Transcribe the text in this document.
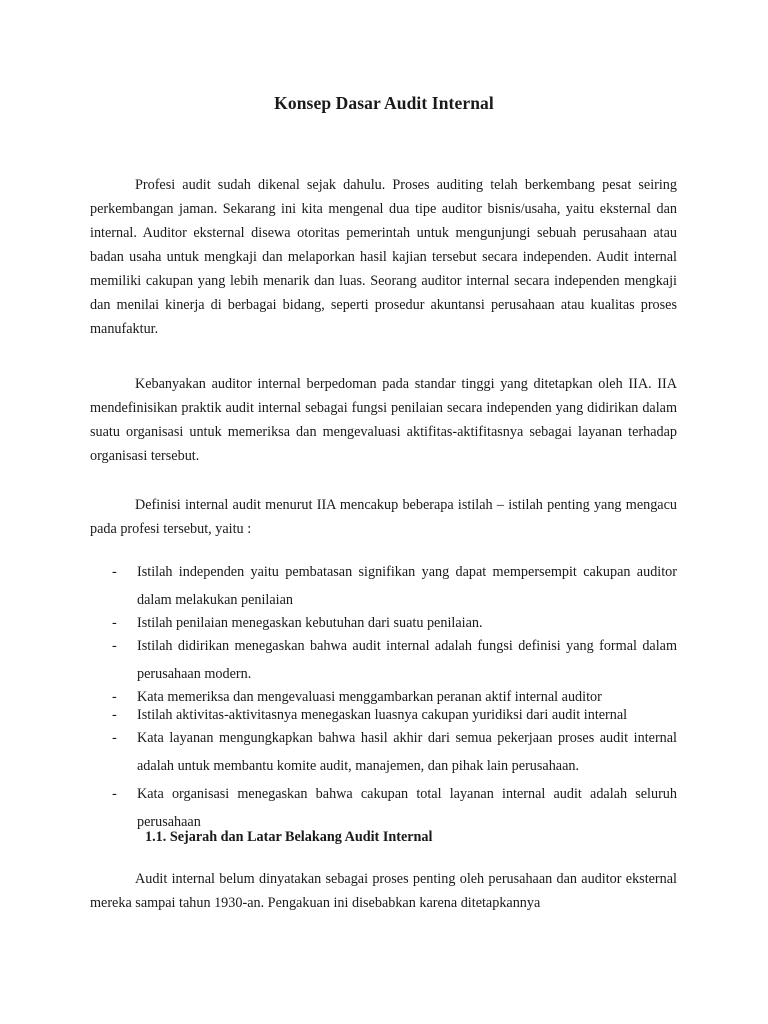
Konsep Dasar Audit Internal

Profesi audit sudah dikenal sejak dahulu. Proses auditing telah berkembang pesat seiring perkembangan jaman. Sekarang ini kita mengenal dua tipe auditor bisnis/usaha, yaitu eksternal dan internal. Auditor eksternal disewa otoritas pemerintah untuk mengunjungi sebuah perusahaan atau badan usaha untuk mengkaji dan melaporkan hasil kajian tersebut secara independen. Audit internal memiliki cakupan yang lebih menarik dan luas. Seorang auditor internal secara independen mengkaji dan menilai kinerja di berbagai bidang, seperti prosedur akuntansi perusahaan atau kualitas proses manufaktur.

Kebanyakan auditor internal berpedoman pada standar tinggi yang ditetapkan oleh IIA. IIA mendefinisikan praktik audit internal sebagai fungsi penilaian secara independen yang didirikan dalam suatu organisasi untuk memeriksa dan mengevaluasi aktifitas-aktifitasnya sebagai layanan terhadap organisasi tersebut.

Definisi internal audit menurut IIA mencakup beberapa istilah – istilah penting yang mengacu pada profesi tersebut, yaitu :

- Istilah independen yaitu pembatasan signifikan yang dapat mempersempit cakupan auditor dalam melakukan penilaian
- Istilah penilaian menegaskan kebutuhan dari suatu penilaian.
- Istilah didirikan menegaskan bahwa audit internal adalah fungsi definisi yang formal dalam perusahaan modern.
- Kata memeriksa dan mengevaluasi menggambarkan peranan aktif internal auditor
- Istilah aktivitas-aktivitasnya menegaskan luasnya cakupan yuridiksi dari audit internal
- Kata layanan mengungkapkan bahwa hasil akhir dari semua pekerjaan proses audit internal adalah untuk membantu komite audit, manajemen, dan pihak lain perusahaan.
- Kata organisasi menegaskan bahwa cakupan total layanan internal audit adalah seluruh perusahaan
1.1. Sejarah dan Latar Belakang Audit Internal

Audit internal belum dinyatakan sebagai proses penting oleh perusahaan dan auditor eksternal mereka sampai tahun 1930-an. Pengakuan ini disebabkan karena ditetapkannya
